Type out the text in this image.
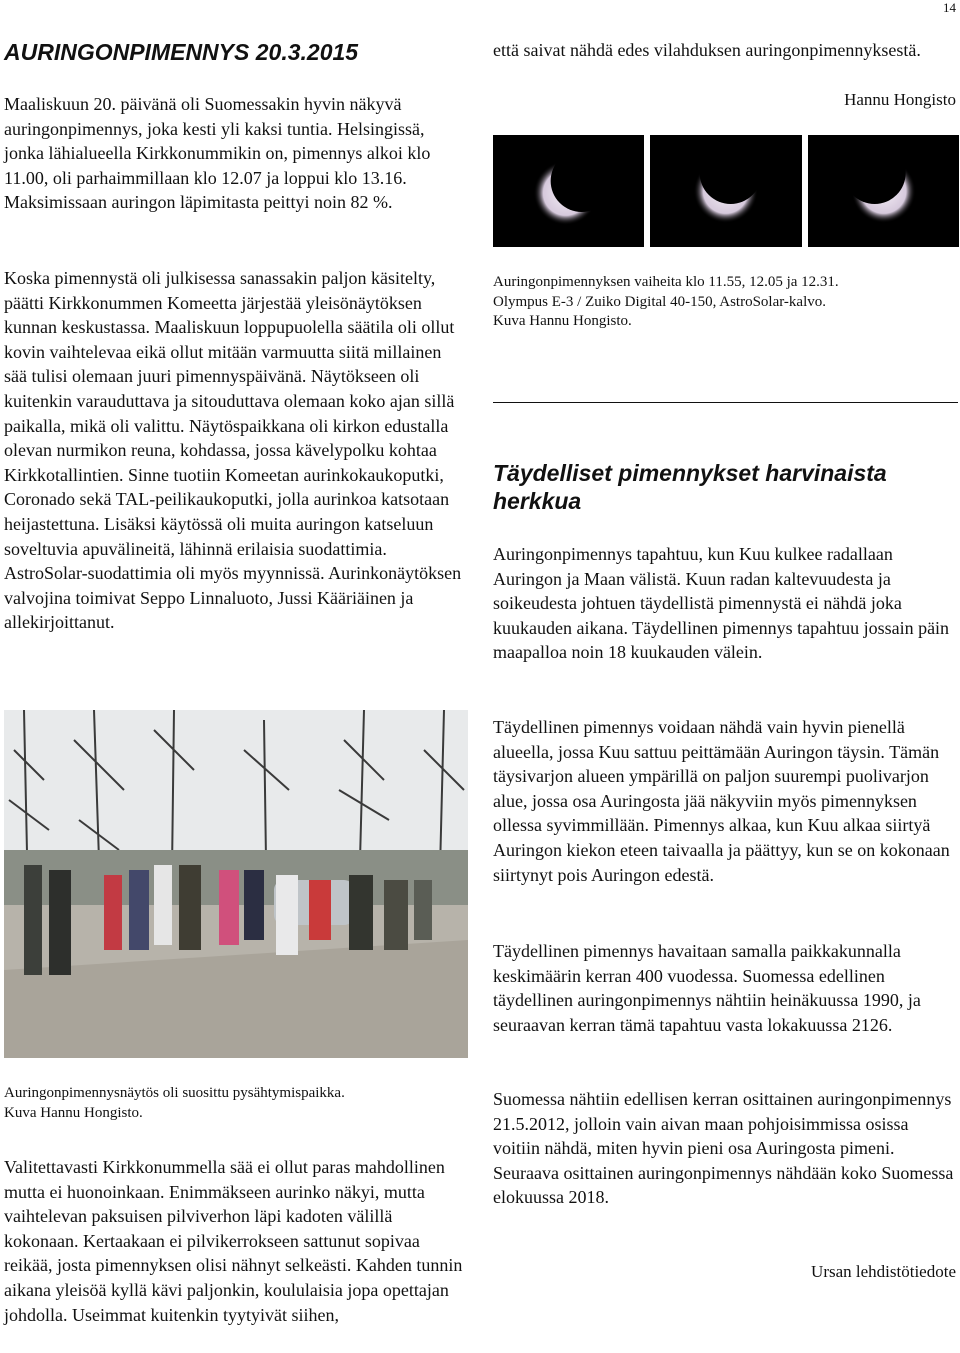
14
AURINGONPIMENNYS 20.3.2015

Maaliskuun 20. päivänä oli Suomessakin hyvin näkyvä auringonpimennys, joka kesti yli kaksi tuntia. Helsingissä, jonka lähialueella Kirkkonummikin on, pimennys alkoi klo 11.00, oli parhaimmillaan klo 12.07 ja loppui klo 13.16. Maksimissaan auringon läpimitasta peittyi noin 82 %.

Koska pimennystä oli julkisessa sanassakin paljon käsitelty, päätti Kirkkonummen Komeetta järjestää yleisönäytöksen kunnan keskustassa. Maaliskuun loppupuolella säätila oli ollut kovin vaihtelevaa eikä ollut mitään varmuutta siitä millainen sää tulisi olemaan juuri pimennyspäivänä. Näytökseen oli kuitenkin varauduttava ja sitouduttava olemaan koko ajan sillä paikalla, mikä oli valittu. Näytöspaikkana oli kirkon edustalla olevan nurmikon reuna, kohdassa, jossa kävelypolku kohtaa Kirkkotallintien. Sinne tuotiin Komeetan aurinkokaukoputki, Coronado sekä TAL-peilikaukoputki, jolla aurinkoa katsotaan heijastettuna. Lisäksi käytössä oli muita auringon katseluun soveltuvia apuvälineitä, lähinnä erilaisia suodattimia. AstroSolar-suodattimia oli myös myynnissä. Aurinkonäytöksen valvojina toimivat Seppo Linnaluoto, Jussi Kääriäinen ja allekirjoittanut.

Auringonpimennysnäytös oli suosittu pysähtymispaikka.
Kuva Hannu Hongisto.

Valitettavasti Kirkkonummella sää ei ollut paras mahdollinen mutta ei huonoinkaan. Enimmäkseen aurinko näkyi, mutta vaihtelevan paksuisen pilviverhon läpi kadoten välillä kokonaan. Kertaakaan ei pilvikerrokseen sattunut sopivaa reikää, josta pimennyksen olisi nähnyt selkeästi. Kahden tunnin aikana yleisöä kyllä kävi paljonkin, koululaisia jopa opettajan johdolla. Useimmat kuitenkin tyytyivät siihen,

että saivat nähdä edes vilahduksen auringonpimennyksestä.

Hannu Hongisto
Auringonpimennyksen vaiheita klo 11.55, 12.05 ja 12.31.
Olympus E-3 / Zuiko Digital 40-150, AstroSolar-kalvo.
Kuva Hannu Hongisto.
Täydelliset pimennykset harvinaista herkkua

Auringonpimennys tapahtuu, kun Kuu kulkee radallaan Auringon ja Maan välistä. Kuun radan kaltevuudesta ja soikeudesta johtuen täydellistä pimennystä ei nähdä joka kuukauden aikana. Täydellinen pimennys tapahtuu jossain päin maapalloa noin 18 kuukauden välein.

Täydellinen pimennys voidaan nähdä vain hyvin pienellä alueella, jossa Kuu sattuu peittämään Auringon täysin. Tämän täysivarjon alueen ympärillä on paljon suurempi puolivarjon alue, jossa osa Auringosta jää näkyviin myös pimennyksen ollessa syvimmillään. Pimennys alkaa, kun Kuu alkaa siirtyä Auringon kiekon eteen taivaalla ja päättyy, kun se on kokonaan siirtynyt pois Auringon edestä.

Täydellinen pimennys havaitaan samalla paikkakunnalla keskimäärin kerran 400 vuodessa. Suomessa edellinen täydellinen auringonpimennys nähtiin heinäkuussa 1990, ja seuraavan kerran tämä tapahtuu vasta lokakuussa 2126.

Suomessa nähtiin edellisen kerran osittainen auringonpimennys 21.5.2012, jolloin vain aivan maan pohjoisimmissa osissa voitiin nähdä, miten hyvin pieni osa Auringosta pimeni. Seuraava osittainen auringonpimennys nähdään koko Suomessa elokuussa 2018.

Ursan lehdistötiedote
